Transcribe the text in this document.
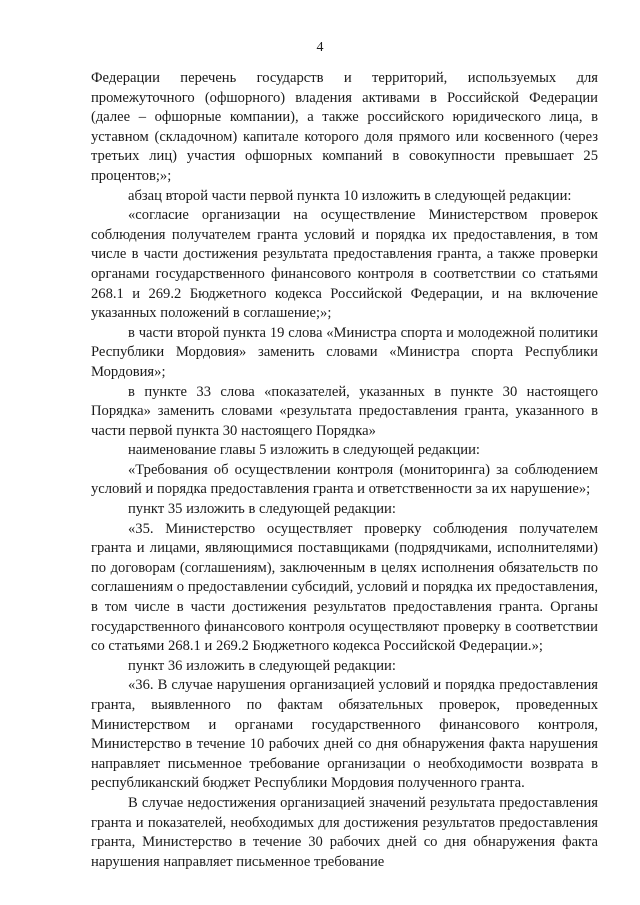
4

Федерации перечень государств и территорий, используемых для промежуточного (офшорного) владения активами в Российской Федерации (далее – офшорные компании), а также российского юридического лица, в уставном (складочном) капитале которого доля прямого или косвенного (через третьих лиц) участия офшорных компаний в совокупности превышает 25 процентов;»;

абзац второй части первой пункта 10 изложить в следующей редакции:

«согласие организации на осуществление Министерством проверок соблюдения получателем гранта условий и порядка их предоставления, в том числе в части достижения результата предоставления гранта, а также проверки органами государственного финансового контроля в соответствии со статьями 268.1 и 269.2 Бюджетного кодекса Российской Федерации, и на включение указанных положений в соглашение;»;

в части второй пункта 19 слова «Министра спорта и молодежной политики Республики Мордовия» заменить словами «Министра спорта Республики Мордовия»;

в пункте 33 слова «показателей, указанных в пункте 30 настоящего Порядка» заменить словами «результата предоставления гранта, указанного в части первой пункта 30 настоящего Порядка»

наименование главы 5 изложить в следующей редакции:

«Требования об осуществлении контроля (мониторинга) за соблюдением условий и порядка предоставления гранта и ответственности за их нарушение»;

пункт 35 изложить в следующей редакции:

«35. Министерство осуществляет проверку соблюдения получателем гранта и лицами, являющимися поставщиками (подрядчиками, исполнителями) по договорам (соглашениям), заключенным в целях исполнения обязательств по соглашениям о предоставлении субсидий, условий и порядка их предоставления, в том числе в части достижения результатов предоставления гранта. Органы государственного финансового контроля осуществляют проверку в соответствии со статьями 268.1 и 269.2 Бюджетного кодекса Российской Федерации.»;

пункт 36 изложить в следующей редакции:

«36. В случае нарушения организацией условий и порядка предоставления гранта, выявленного по фактам обязательных проверок, проведенных Министерством и органами государственного финансового контроля, Министерство в течение 10 рабочих дней со дня обнаружения факта нарушения направляет письменное требование организации о необходимости возврата в республиканский бюджет Республики Мордовия полученного гранта.

В случае недостижения организацией значений результата предоставления гранта и показателей, необходимых для достижения результатов предоставления гранта, Министерство в течение 30 рабочих дней со дня обнаружения факта нарушения направляет письменное требование
